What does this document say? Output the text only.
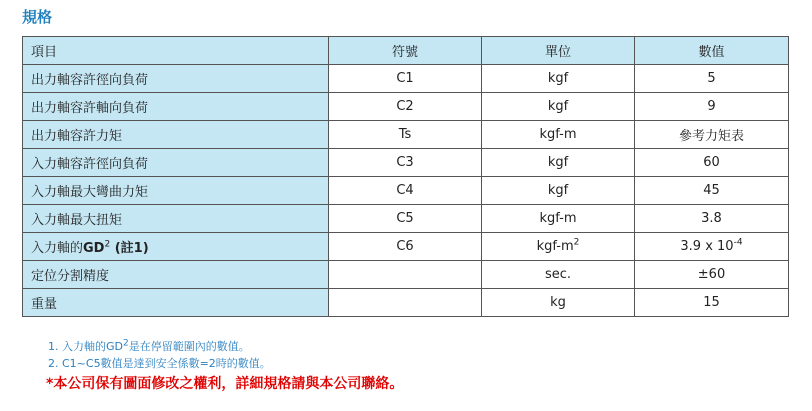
規格
項目	符號	單位	數值
出力軸容許徑向負荷	C1	kgf	5
出力軸容許軸向負荷	C2	kgf	9
出力軸容許力矩	Ts	kgf-m	參考力矩表
入力軸容許徑向負荷	C3	kgf	60
入力軸最大彎曲力矩	C4	kgf	45
入力軸最大扭矩	C5	kgf-m	3.8
入力軸的$GD^2$ (註1)	C6	kgf-$m^2$	3.9 x $10^{-4}$
定位分割精度		sec.	±60
重量		kg	15
1. 入力軸的$GD^2$是在停留範圍內的數值。
2. C1~C5數值是達到安全係數=2時的數值。
*本公司保有圖面修改之權利，詳細規格請與本公司聯絡。
